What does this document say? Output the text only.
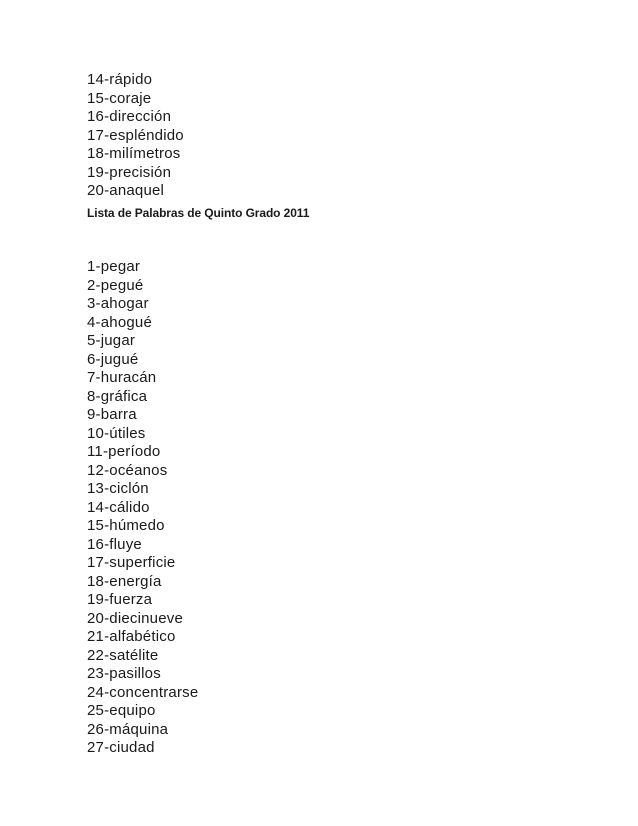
14-rápido
15-coraje
16-dirección
17-espléndido
18-milímetros
19-precisión
20-anaquel
Lista de Palabras de Quinto Grado 2011
1-pegar
2-pegué
3-ahogar
4-ahogué
5-jugar
6-jugué
7-huracán
8-gráfica
9-barra
10-útiles
11-período
12-océanos
13-ciclón
14-cálido
15-húmedo
16-fluye
17-superficie
18-energía
19-fuerza
20-diecinueve
21-alfabético
22-satélite
23-pasillos
24-concentrarse
25-equipo
26-máquina
27-ciudad
